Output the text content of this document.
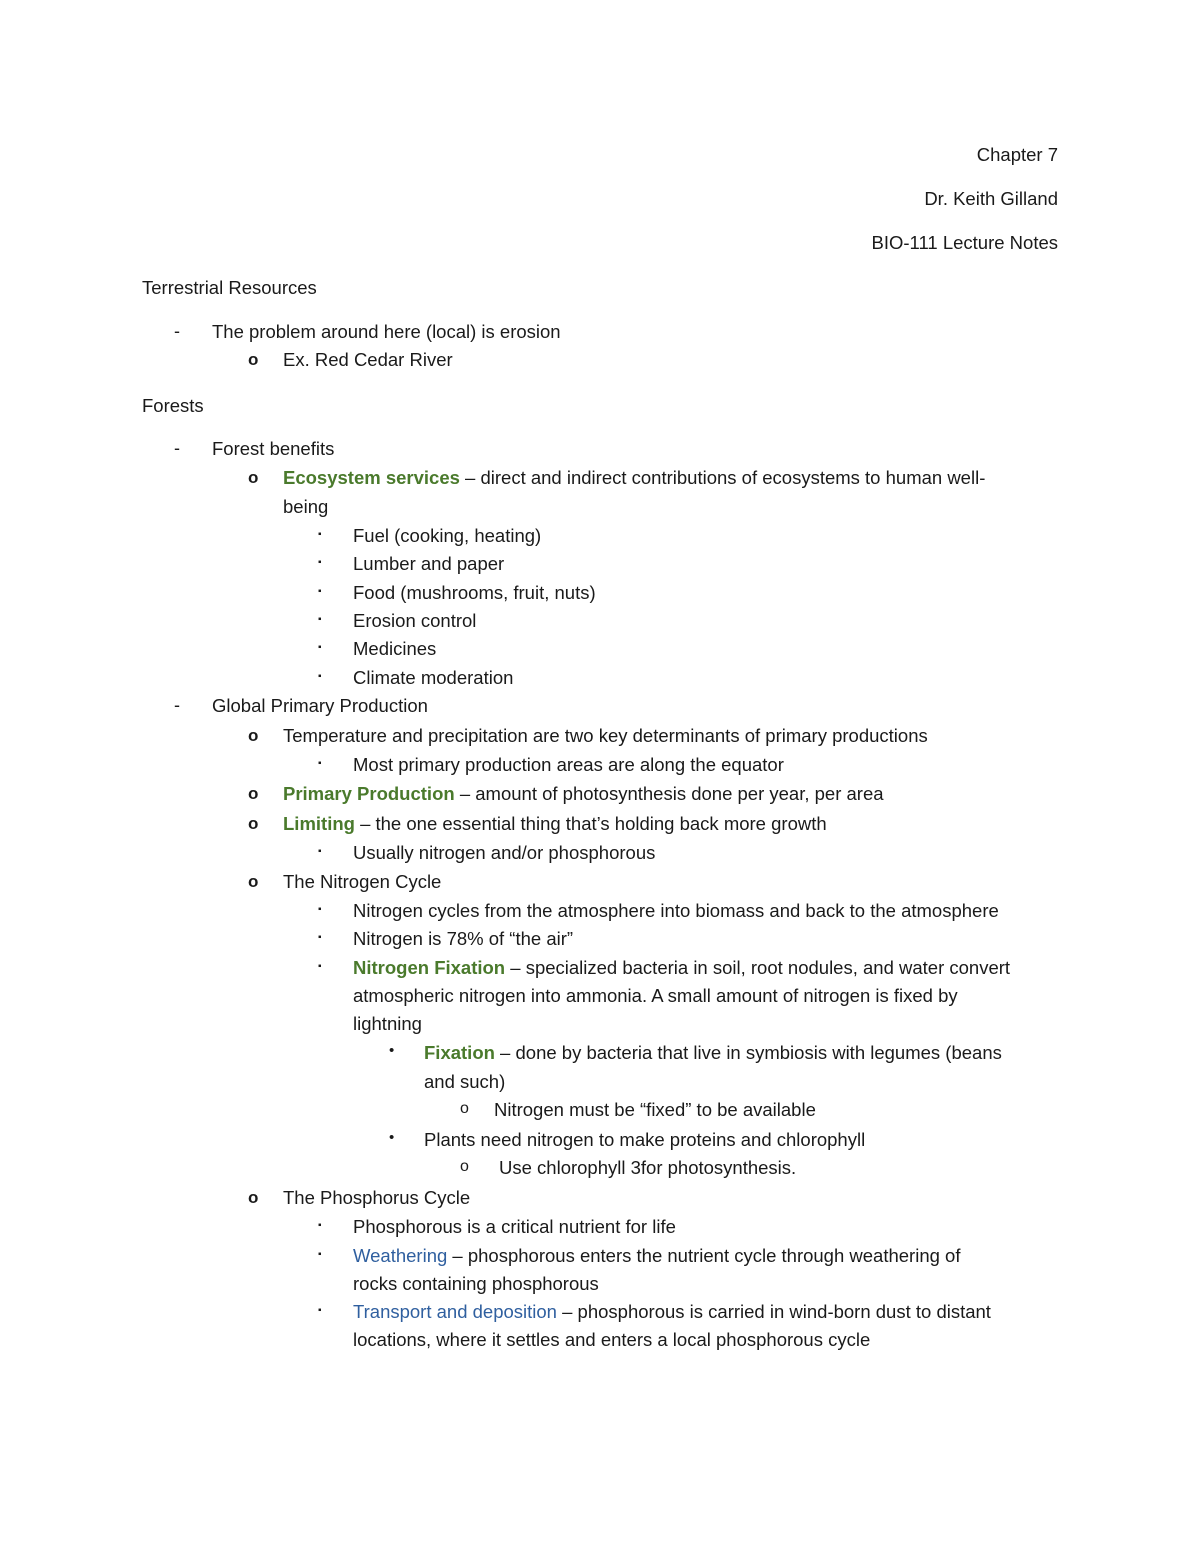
Chapter 7
Dr. Keith Gilland
BIO-111 Lecture Notes
Terrestrial Resources
- The problem around here (local) is erosion
o Ex. Red Cedar River
Forests
- Forest benefits
o Ecosystem services – direct and indirect contributions of ecosystems to human well-
being
▪ Fuel (cooking, heating)
▪ Lumber and paper
▪ Food (mushrooms, fruit, nuts)
▪ Erosion control
▪ Medicines
▪ Climate moderation
- Global Primary Production
o Temperature and precipitation are two key determinants of primary productions
▪ Most primary production areas are along the equator
o Primary Production – amount of photosynthesis done per year, per area
o Limiting – the one essential thing that’s holding back more growth
▪ Usually nitrogen and/or phosphorous
o The Nitrogen Cycle
▪ Nitrogen cycles from the atmosphere into biomass and back to the atmosphere
▪ Nitrogen is 78% of “the air”
▪ Nitrogen Fixation – specialized bacteria in soil, root nodules, and water convert
atmospheric nitrogen into ammonia. A small amount of nitrogen is fixed by
lightning
• Fixation – done by bacteria that live in symbiosis with legumes (beans
and such)
o Nitrogen must be “fixed” to be available
• Plants need nitrogen to make proteins and chlorophyll
o Use chlorophyll 3for photosynthesis.
o The Phosphorus Cycle
▪ Phosphorous is a critical nutrient for life
▪ Weathering – phosphorous enters the nutrient cycle through weathering of
rocks containing phosphorous
▪ Transport and deposition – phosphorous is carried in wind-born dust to distant
locations, where it settles and enters a local phosphorous cycle
